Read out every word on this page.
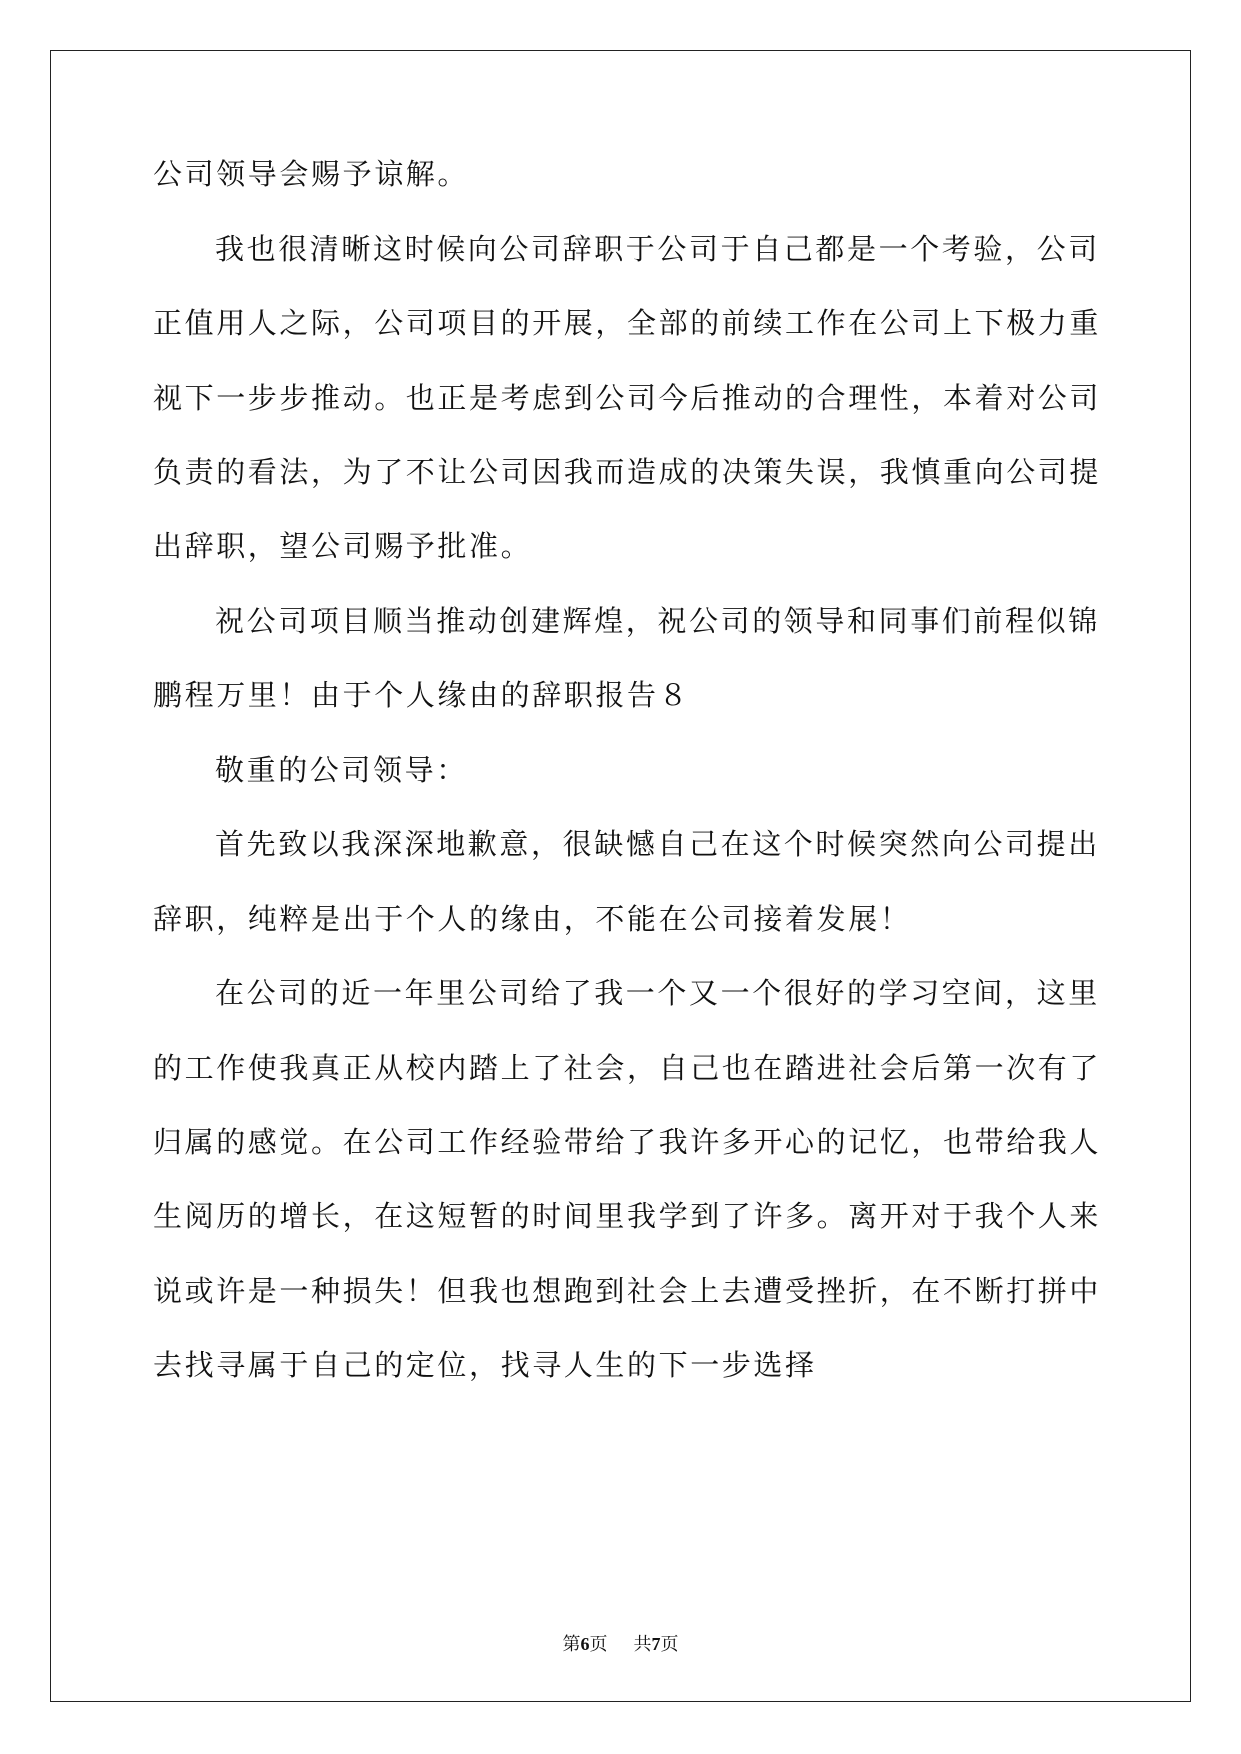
公司领导会赐予谅解。
我也很清晰这时候向公司辞职于公司于自己都是一个考验，公司
正值用人之际，公司项目的开展，全部的前续工作在公司上下极力重
视下一步步推动。也正是考虑到公司今后推动的合理性，本着对公司
负责的看法，为了不让公司因我而造成的决策失误，我慎重向公司提
出辞职，望公司赐予批准。
祝公司项目顺当推动创建辉煌，祝公司的领导和同事们前程似锦
鹏程万里！由于个人缘由的辞职报告８
敬重的公司领导：
首先致以我深深地歉意，很缺憾自己在这个时候突然向公司提出
辞职，纯粹是出于个人的缘由，不能在公司接着发展！
在公司的近一年里公司给了我一个又一个很好的学习空间，这里
的工作使我真正从校内踏上了社会，自己也在踏进社会后第一次有了
归属的感觉。在公司工作经验带给了我许多开心的记忆，也带给我人
生阅历的增长，在这短暂的时间里我学到了许多。离开对于我个人来
说或许是一种损失！但我也想跑到社会上去遭受挫折，在不断打拼中
去找寻属于自己的定位，找寻人生的下一步选择
第6页 共7页
